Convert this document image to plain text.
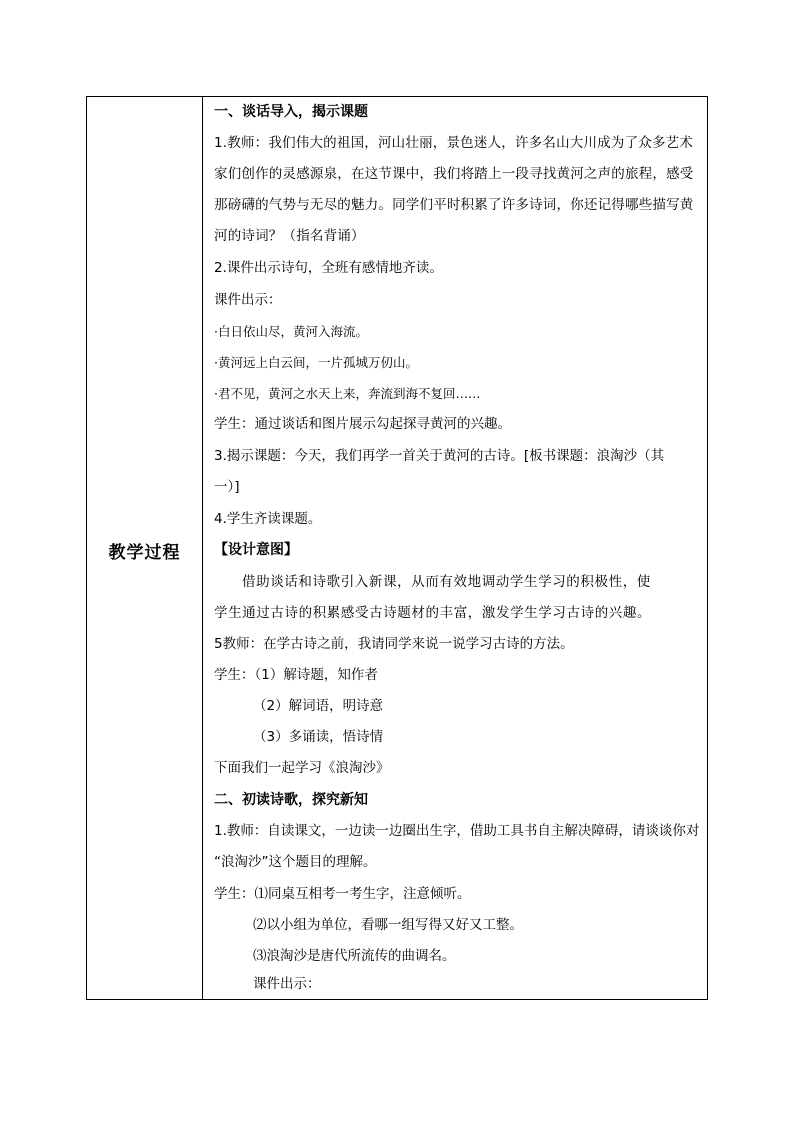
教学过程
一、谈话导入，揭示课题
1.教师：我们伟大的祖国，河山壮丽，景色迷人，许多名山大川成为了众多艺术家们创作的灵感源泉，在这节课中，我们将踏上一段寻找黄河之声的旅程，感受那磅礴的气势与无尽的魅力。同学们平时积累了许多诗词，你还记得哪些描写黄河的诗词？（指名背诵）
2.课件出示诗句，全班有感情地齐读。
课件出示：
·白日依山尽，黄河入海流。
·黄河远上白云间，一片孤城万仞山。
·君不见，黄河之水天上来，奔流到海不复回……
学生：通过谈话和图片展示勾起探寻黄河的兴趣。
3.揭示课题：今天，我们再学一首关于黄河的古诗。[板书课题：浪淘沙（其
一）]
4.学生齐读课题。
【设计意图】
借助谈话和诗歌引入新课，从而有效地调动学生学习的积极性，使
学生通过古诗的积累感受古诗题材的丰富，激发学生学习古诗的兴趣。
5教师：在学古诗之前，我请同学来说一说学习古诗的方法。
学生：（1）解诗题，知作者
（2）解词语，明诗意
（3）多诵读，悟诗情
下面我们一起学习《浪淘沙》
二、初读诗歌，探究新知
1.教师：自读课文，一边读一边圈出生字，借助工具书自主解决障碍，请谈谈你对
“浪淘沙”这个题目的理解。
学生：⑴同桌互相考一考生字，注意倾听。
⑵以小组为单位，看哪一组写得又好又工整。
⑶浪淘沙是唐代所流传的曲调名。
课件出示：
